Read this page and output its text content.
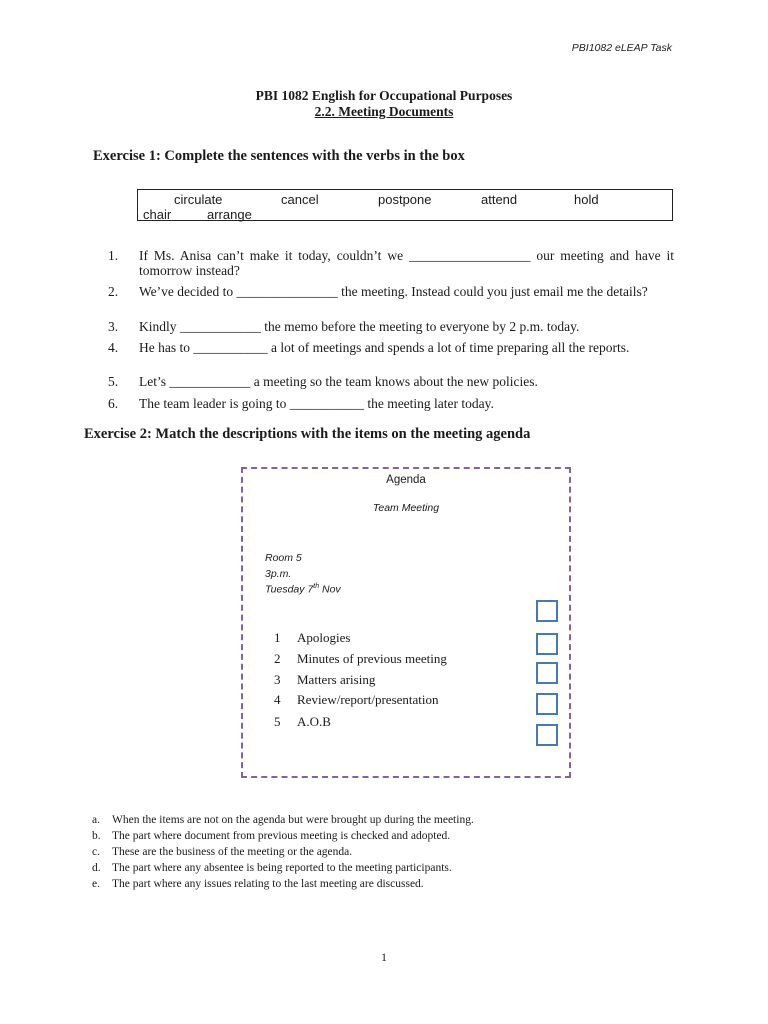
PBI1082 eLEAP Task
PBI 1082 English for Occupational Purposes
2.2. Meeting Documents
Exercise 1: Complete the sentences with the verbs in the box
circulate	cancel	postpone	attend	hold
chair	arrange
1.	If Ms. Anisa can’t make it today, couldn’t we __________________ our meeting and have it tomorrow instead?
2.	We’ve decided to _______________ the meeting. Instead could you just email me the details?
3.	Kindly ____________ the memo before the meeting to everyone by 2 p.m. today.
4.	He has to ___________ a lot of meetings and spends a lot of time preparing all the reports.
5.	Let’s ____________ a meeting so the team knows about the new policies.
6.	The team leader is going to ___________ the meeting later today.
Exercise 2: Match the descriptions with the items on the meeting agenda
Agenda
Team Meeting
Room 5
3p.m.
Tuesday 7th Nov
1 Apologies
2 Minutes of previous meeting
3 Matters arising
4 Review/report/presentation
5 A.O.B
a. When the items are not on the agenda but were brought up during the meeting.
b. The part where document from previous meeting is checked and adopted.
c. These are the business of the meeting or the agenda.
d. The part where any absentee is being reported to the meeting participants.
e. The part where any issues relating to the last meeting are discussed.
1
